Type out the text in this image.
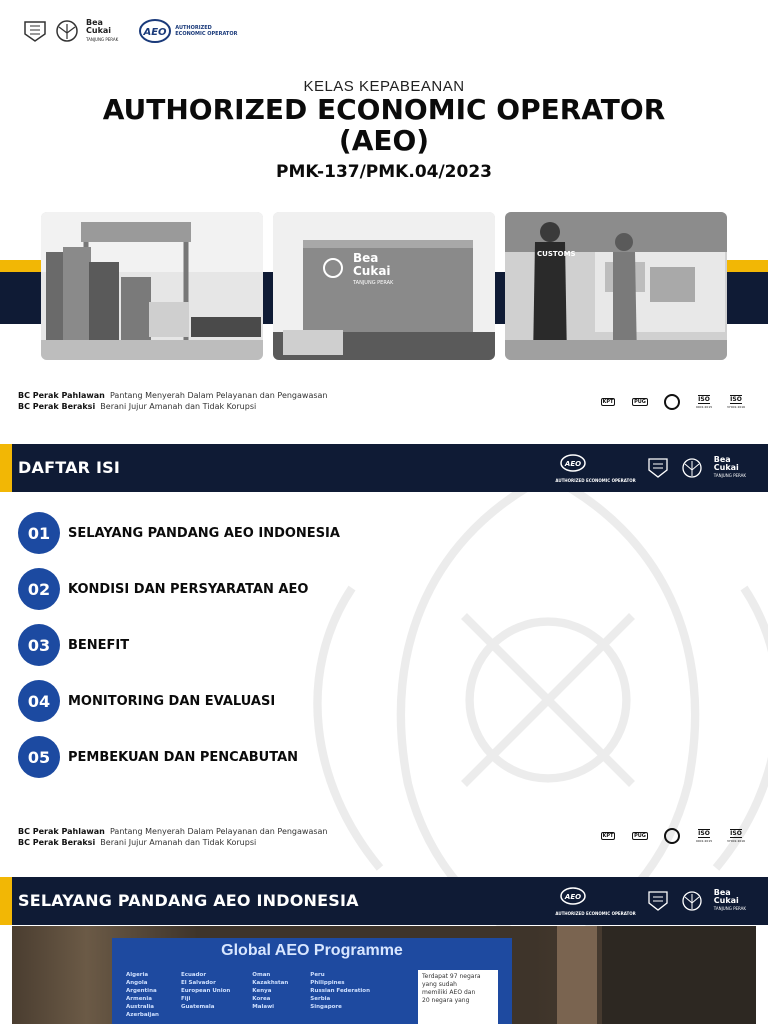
Bea
Cukai
TANJUNG PERAK
AEO AUTHORIZED
ECONOMIC OPERATOR
KELAS KEPABEANAN
AUTHORIZED ECONOMIC OPERATOR
(AEO)
PMK-137/PMK.04/2023
Bea
Cukai
TANJUNG PERAK
CUSTOMS
BC Perak Pahlawan Pantang Menyerah Dalam Pelayanan dan Pengawasan
BC Perak Beraksi Berani Jujur Amanah dan Tidak Korupsi	KPT	PUG	ISO
9001:2015
ISO
37001:2016
DAFTAR ISI	AEO
AUTHORIZED ECONOMIC OPERATOR
Bea
Cukai
TANJUNG PERAK
01	SELAYANG PANDANG AEO INDONESIA
02	KONDISI DAN PERSYARATAN AEO
03	BENEFIT
04	MONITORING DAN EVALUASI
05	PEMBEKUAN DAN PENCABUTAN
BC Perak Pahlawan Pantang Menyerah Dalam Pelayanan dan Pengawasan
BC Perak Beraksi Berani Jujur Amanah dan Tidak Korupsi
KPT	PUG	ISO
9001:2015
ISO
37001:2016
SELAYANG PANDANG AEO INDONESIA	AEO
AUTHORIZED ECONOMIC OPERATOR
Bea
Cukai
TANJUNG PERAK
Global AEO Programme
Algeria
Angola
Argentina
Armenia
Australia
Azerbaijan
Ecuador
El Salvador
European Union
Fiji
Guatemala
Oman
Kazakhstan
Kenya
Korea
Malawi
Peru
Philippines
Russian Federation
Serbia
Singapore
Terdapat 97 negara
yang sudah
memiliki AEO dan
20 negara yang
